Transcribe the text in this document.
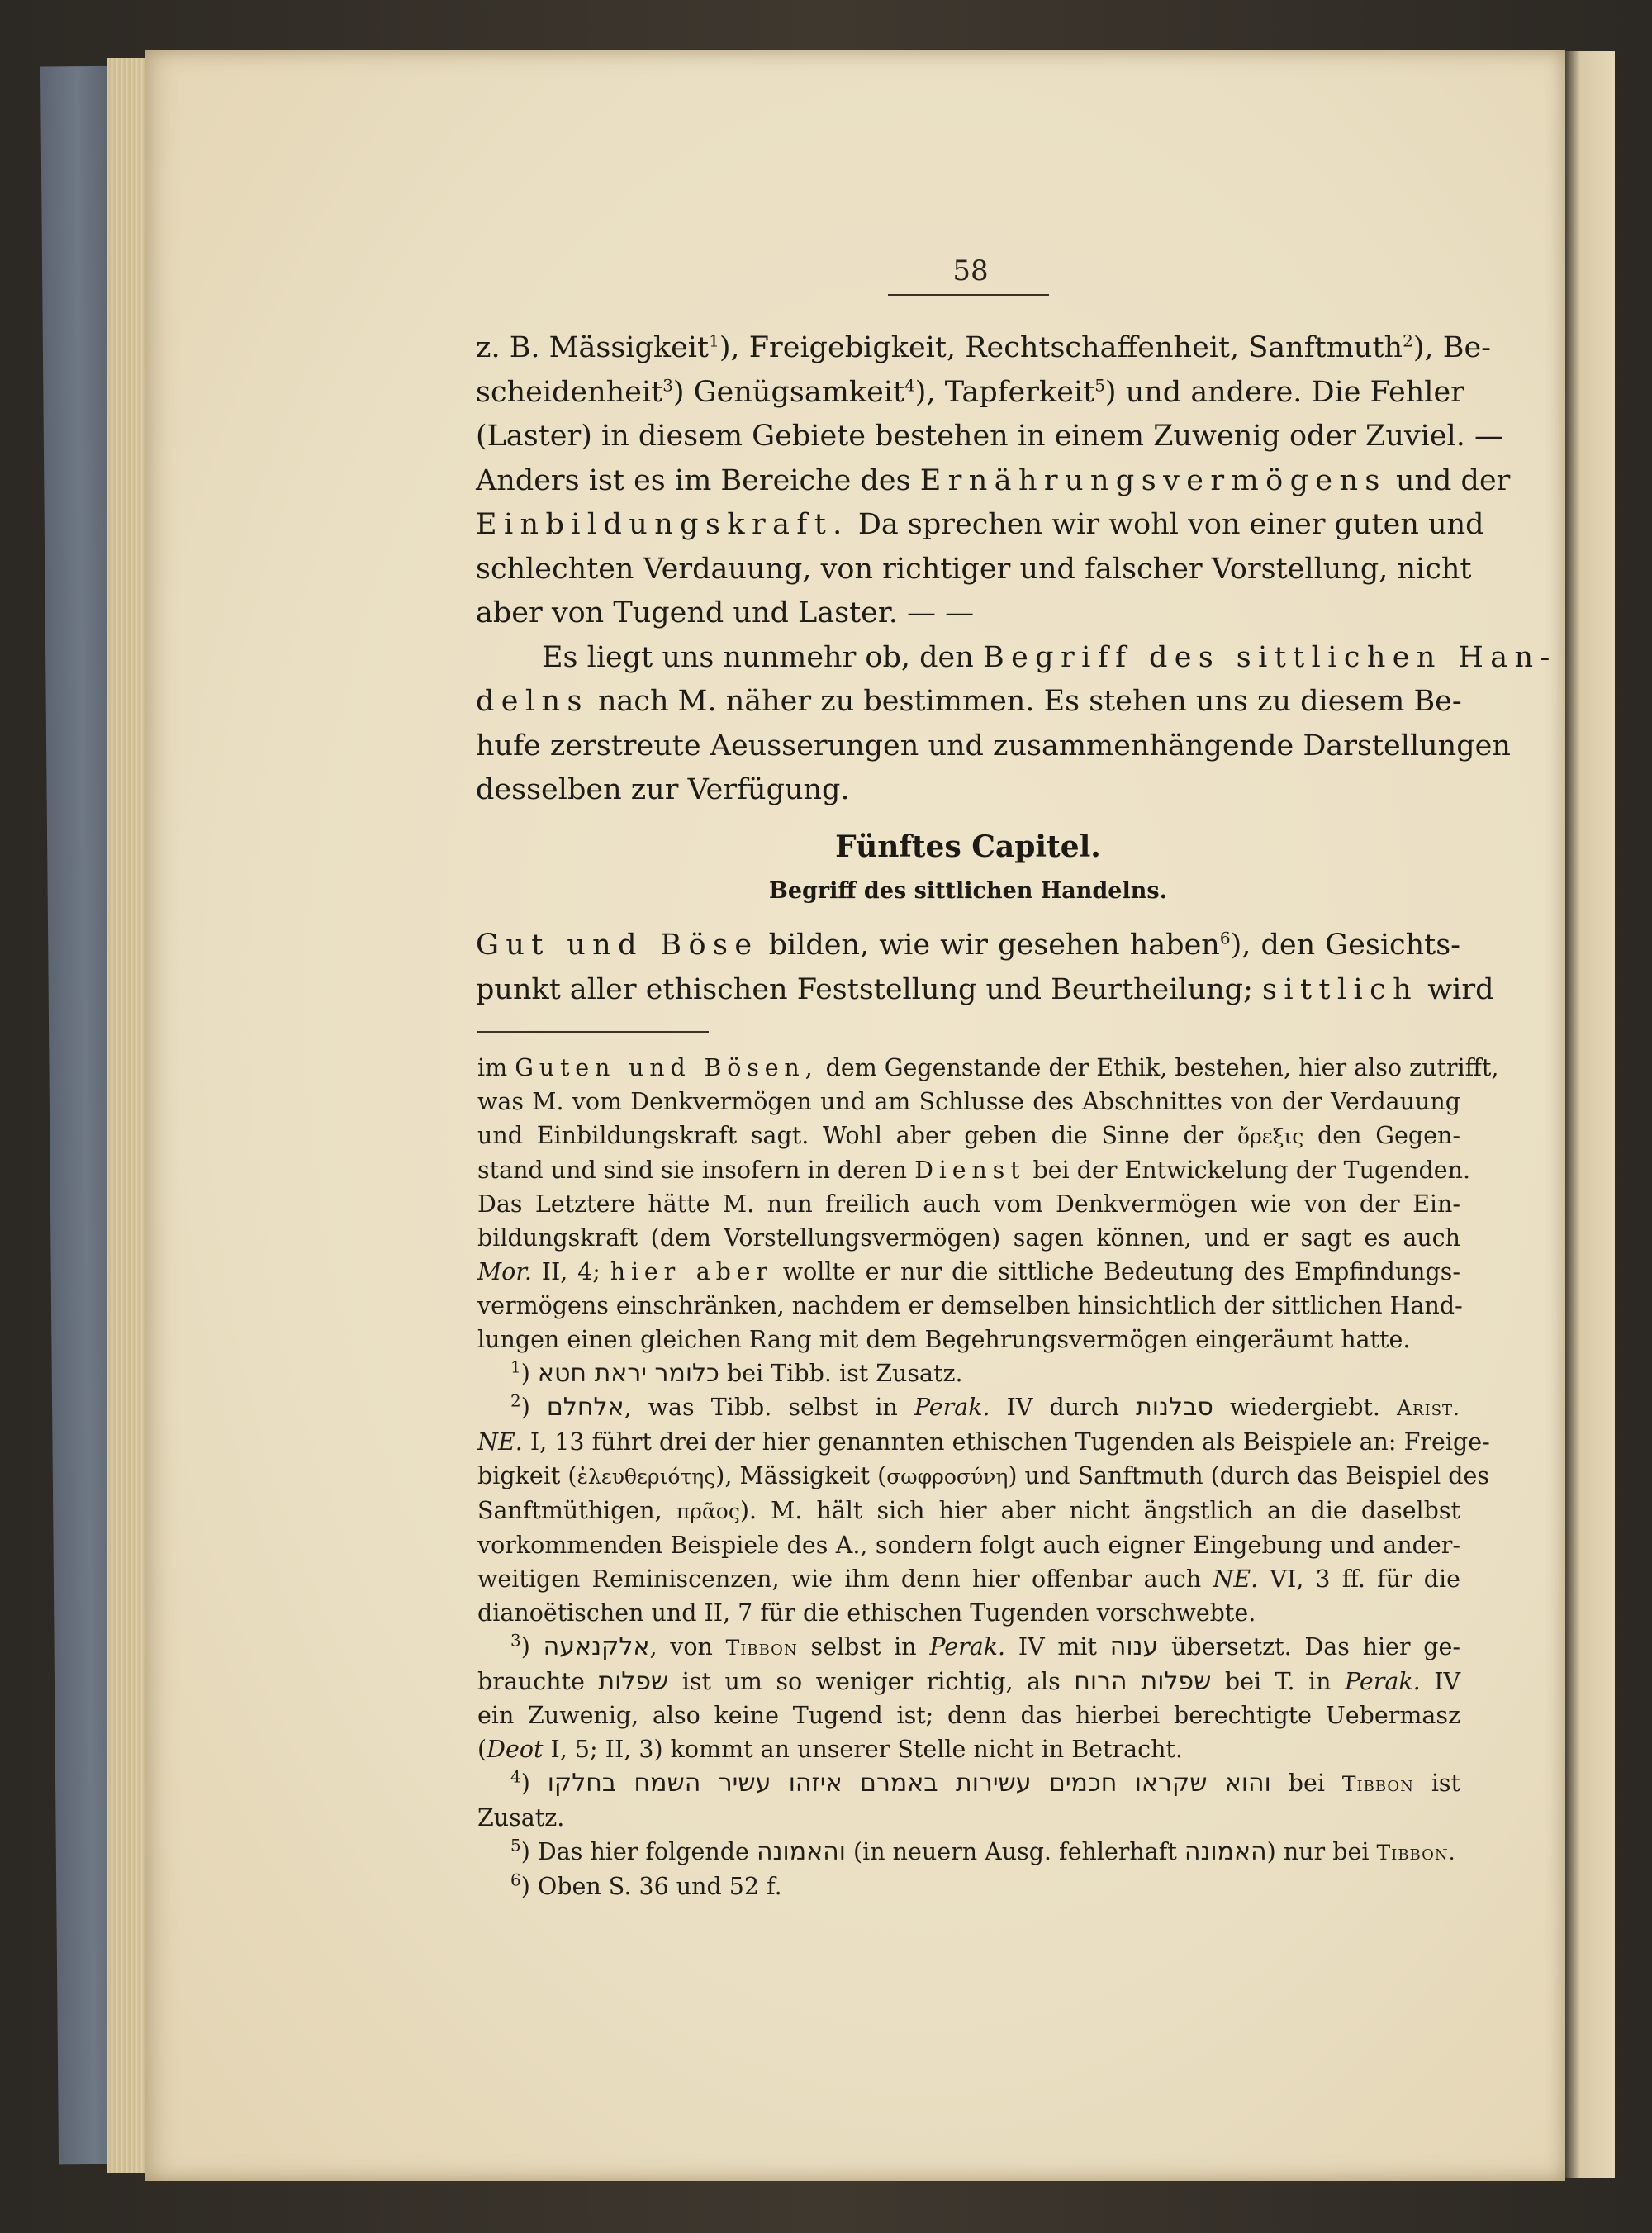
58
z. B. Mässigkeit$^1$), Freigebigkeit, Rechtschaffenheit, Sanftmuth$^2$), Be-
scheidenheit$^3$) Genügsamkeit$^4$), Tapferkeit$^5$) und andere. Die Fehler
(Laster) in diesem Gebiete bestehen in einem Zuwenig oder Zuviel. —
Anders ist es im Bereiche des Ernährungsvermögens und der
Einbildungskraft. Da sprechen wir wohl von einer guten und
schlechten Verdauung, von richtiger und falscher Vorstellung, nicht
aber von Tugend und Laster. — —
Es liegt uns nunmehr ob, den Begriff des sittlichen Han-
delns nach M. näher zu bestimmen. Es stehen uns zu diesem Be-
hufe zerstreute Aeusserungen und zusammenhängende Darstellungen
desselben zur Verfügung.
Fünftes Capitel.
Begriff des sittlichen Handelns.
Gut und Böse bilden, wie wir gesehen haben$^6$), den Gesichts-
punkt aller ethischen Feststellung und Beurtheilung; sittlich wird
im Guten und Bösen, dem Gegenstande der Ethik, bestehen, hier also zutrifft,
was M. vom Denkvermögen und am Schlusse des Abschnittes von der Verdauung
und Einbildungskraft sagt. Wohl aber geben die Sinne der ὄρεξις den Gegen-
stand und sind sie insofern in deren Dienst bei der Entwickelung der Tugenden.
Das Letztere hätte M. nun freilich auch vom Denkvermögen wie von der Ein-
bildungskraft (dem Vorstellungsvermögen) sagen können, und er sagt es auch
Mor. II, 4; hier aber wollte er nur die sittliche Bedeutung des Empfindungs-
vermögens einschränken, nachdem er demselben hinsichtlich der sittlichen Hand-
lungen einen gleichen Rang mit dem Begehrungsvermögen eingeräumt hatte.
$^1$) כלומר יראת חטא bei Tibb. ist Zusatz.
$^2$) אלחלם, was Tibb. selbst in Perak. IV durch סבלנות wiedergiebt. Arist.
NE. I, 13 führt drei der hier genannten ethischen Tugenden als Beispiele an: Freige-
bigkeit (ἐλευθεριότης), Mässigkeit (σωφροσύνη) und Sanftmuth (durch das Beispiel des
Sanftmüthigen, πρᾶος). M. hält sich hier aber nicht ängstlich an die daselbst
vorkommenden Beispiele des A., sondern folgt auch eigner Eingebung und ander-
weitigen Reminiscenzen, wie ihm denn hier offenbar auch NE. VI, 3 ff. für die
dianoëtischen und II, 7 für die ethischen Tugenden vorschwebte.
$^3$) אלקנאעה, von Tibbon selbst in Perak. IV mit ענוה übersetzt. Das hier ge-
brauchte שפלות ist um so weniger richtig, als שפלות הרוח bei T. in Perak. IV
ein Zuwenig, also keine Tugend ist; denn das hierbei berechtigte Uebermasz
(Deot I, 5; II, 3) kommt an unserer Stelle nicht in Betracht.
$^4$) והוא שקראו חכמים עשירות באמרם איזהו עשיר השמח בחלקו bei Tibbon ist
Zusatz.
$^5$) Das hier folgende והאמונה (in neuern Ausg. fehlerhaft האמונה) nur bei Tibbon.
$^6$) Oben S. 36 und 52 f.
